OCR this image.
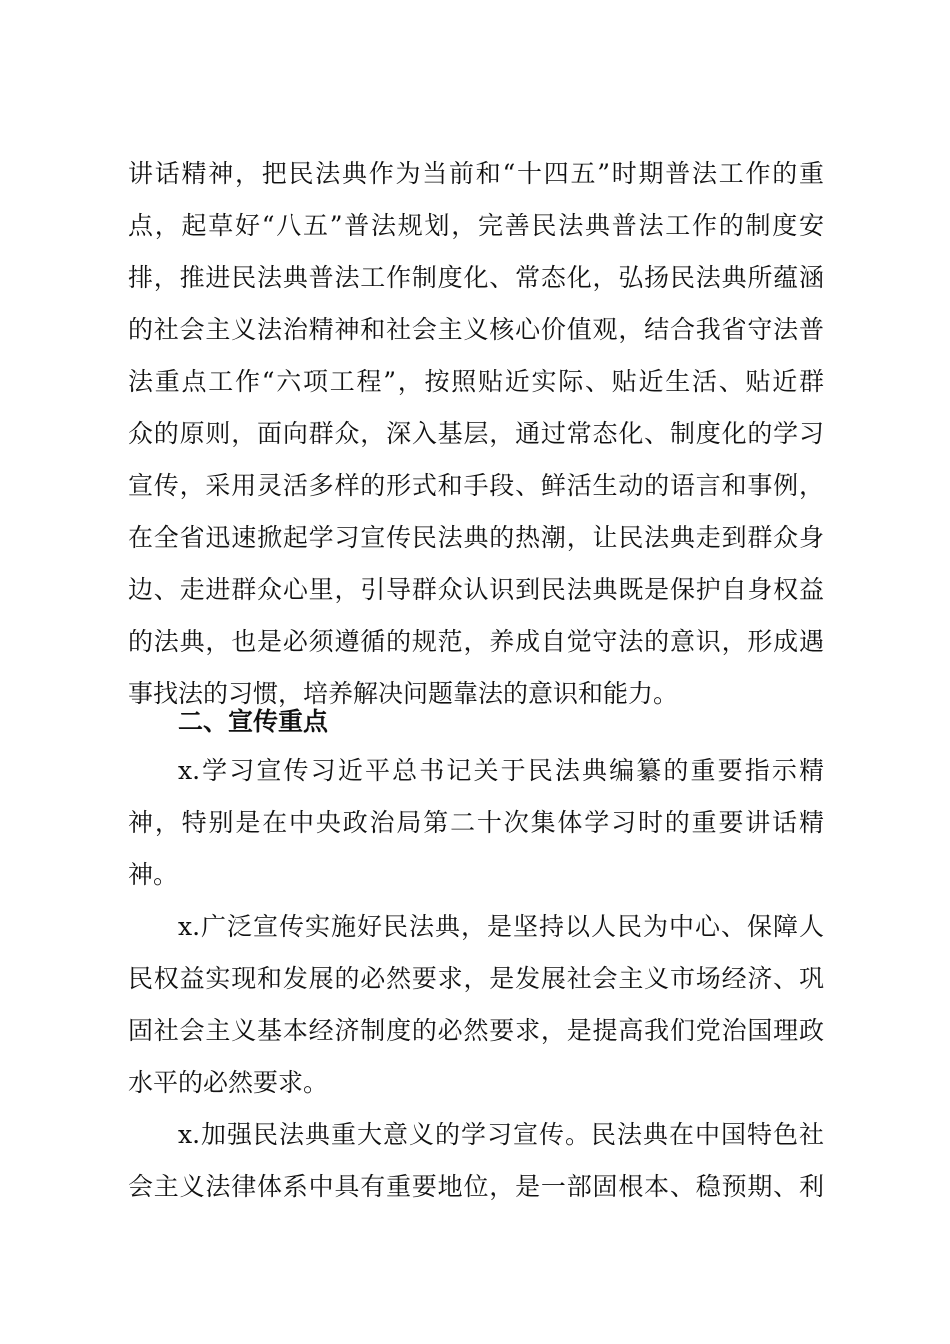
讲话精神，把民法典作为当前和“十四五”时期普法工作的重

点，起草好“八五”普法规划，完善民法典普法工作的制度安

排，推进民法典普法工作制度化、常态化，弘扬民法典所蕴涵

的社会主义法治精神和社会主义核心价值观，结合我省守法普

法重点工作“六项工程”，按照贴近实际、贴近生活、贴近群

众的原则，面向群众，深入基层，通过常态化、制度化的学习

宣传，采用灵活多样的形式和手段、鲜活生动的语言和事例，

在全省迅速掀起学习宣传民法典的热潮，让民法典走到群众身

边、走进群众心里，引导群众认识到民法典既是保护自身权益

的法典，也是必须遵循的规范，养成自觉守法的意识，形成遇

事找法的习惯，培养解决问题靠法的意识和能力。

二、宣传重点

x.学习宣传习近平总书记关于民法典编纂的重要指示精

神，特别是在中央政治局第二十次集体学习时的重要讲话精

神。

x.广泛宣传实施好民法典，是坚持以人民为中心、保障人

民权益实现和发展的必然要求，是发展社会主义市场经济、巩

固社会主义基本经济制度的必然要求，是提高我们党治国理政

水平的必然要求。

x.加强民法典重大意义的学习宣传。民法典在中国特色社

会主义法律体系中具有重要地位，是一部固根本、稳预期、利
